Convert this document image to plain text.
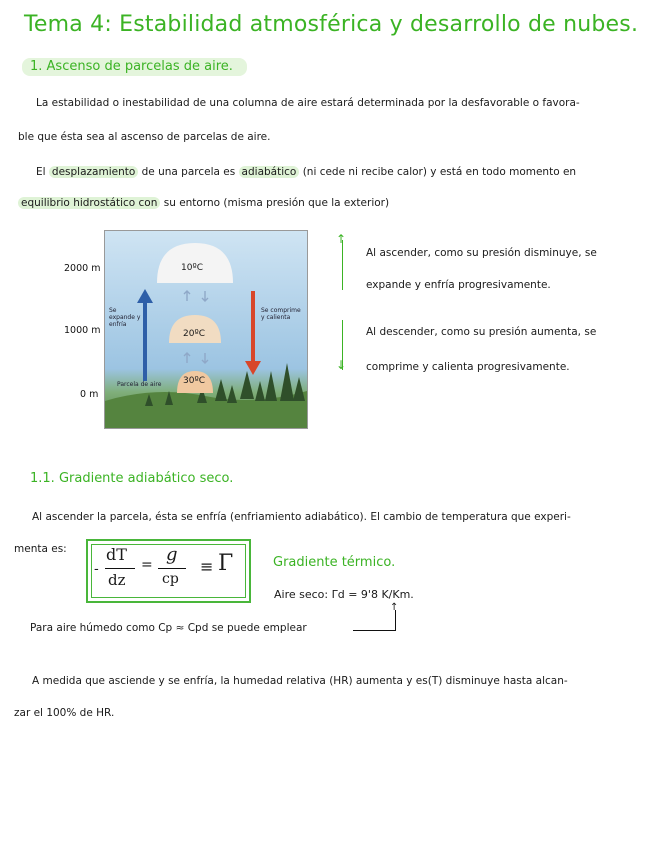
Tema 4: Estabilidad atmosférica y desarrollo de nubes.
1. Ascenso de parcelas de aire.
La estabilidad o inestabilidad de una columna de aire estará determinada por la desfavorable o favora-
ble que ésta sea al ascenso de parcelas de aire.
El desplazamiento de una parcela es adiabático (ni cede ni recibe calor) y está en todo momento en
equilibrio hidrostático con su entorno (misma presión que la exterior)
2000 m
1000 m
0 m
10ºC
20ºC
30ºC
Se expande y enfría
Se comprime y calienta
Parcela de aire
↑
Al ascender, como su presión disminuye, se
expande y enfría progresivamente.
↓
Al descender, como su presión aumenta, se
comprime y calienta progresivamente.
1.1. Gradiente adiabático seco.
Al ascender la parcela, ésta se enfría (enfriamiento adiabático). El cambio de temperatura que experi-
menta es:
-
dT
dz
= g
cp
≡ Γ	Gradiente térmico.
Aire seco: Γd = 9'8 K/Km.
Para aire húmedo como Cp ≈ Cpd se puede emplear
↑
A medida que asciende y se enfría, la humedad relativa (HR) aumenta y es(T) disminuye hasta alcan-
zar el 100% de HR.
